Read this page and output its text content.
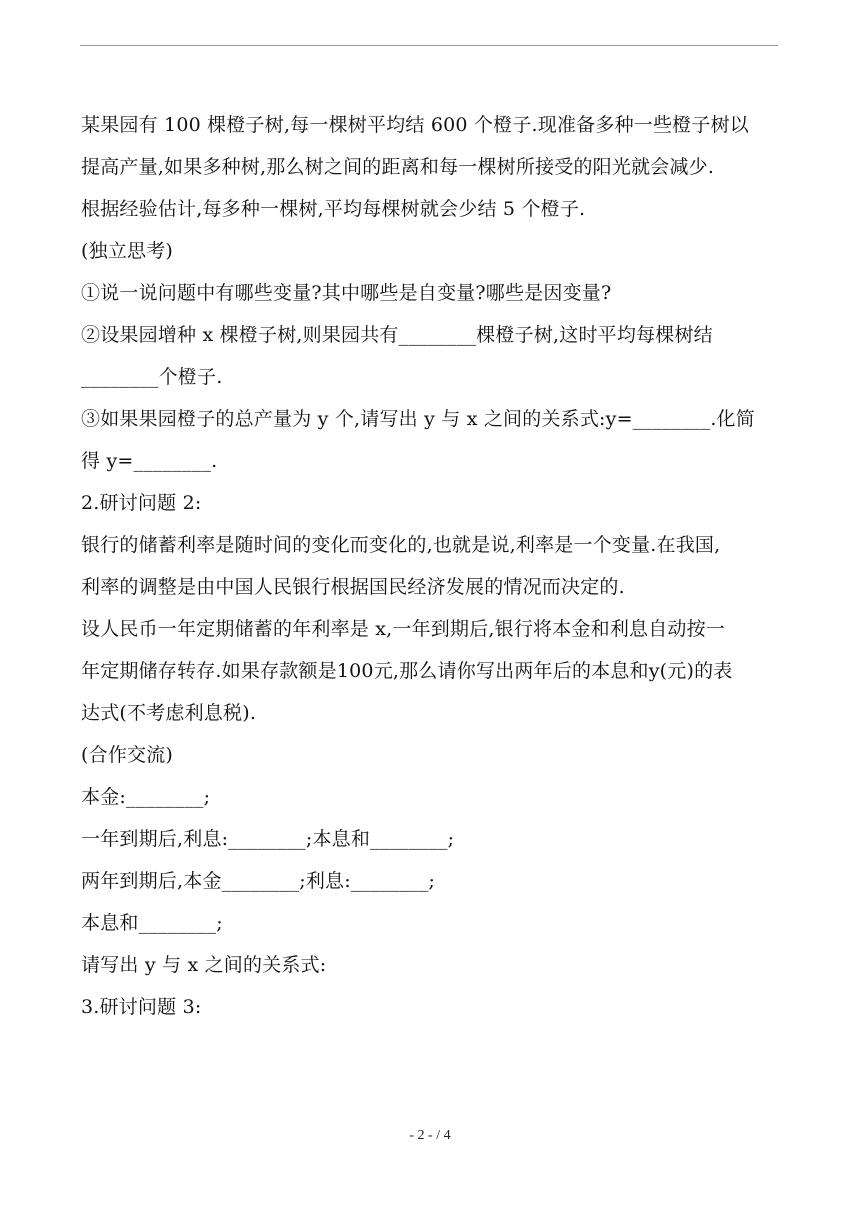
某果园有 100 棵橙子树,每一棵树平均结 600 个橙子.现准备多种一些橙子树以
提高产量,如果多种树,那么树之间的距离和每一棵树所接受的阳光就会减少.
根据经验估计,每多种一棵树,平均每棵树就会少结 5 个橙子.
(独立思考)
①说一说问题中有哪些变量?其中哪些是自变量?哪些是因变量?
②设果园增种 x 棵橙子树,则果园共有________棵橙子树,这时平均每棵树结
________个橙子.
③如果果园橙子的总产量为 y 个,请写出 y 与 x 之间的关系式:y=________.化简
得 y=________.
2.研讨问题 2:
银行的储蓄利率是随时间的变化而变化的,也就是说,利率是一个变量.在我国,
利率的调整是由中国人民银行根据国民经济发展的情况而决定的.
设人民币一年定期储蓄的年利率是 x,一年到期后,银行将本金和利息自动按一
年定期储存转存.如果存款额是100元,那么请你写出两年后的本息和y(元)的表
达式(不考虑利息税).
(合作交流)
本金:________;
一年到期后,利息:________;本息和________;
两年到期后,本金________;利息:________;
本息和________;
请写出 y 与 x 之间的关系式:
3.研讨问题 3:
- 2 - / 4
